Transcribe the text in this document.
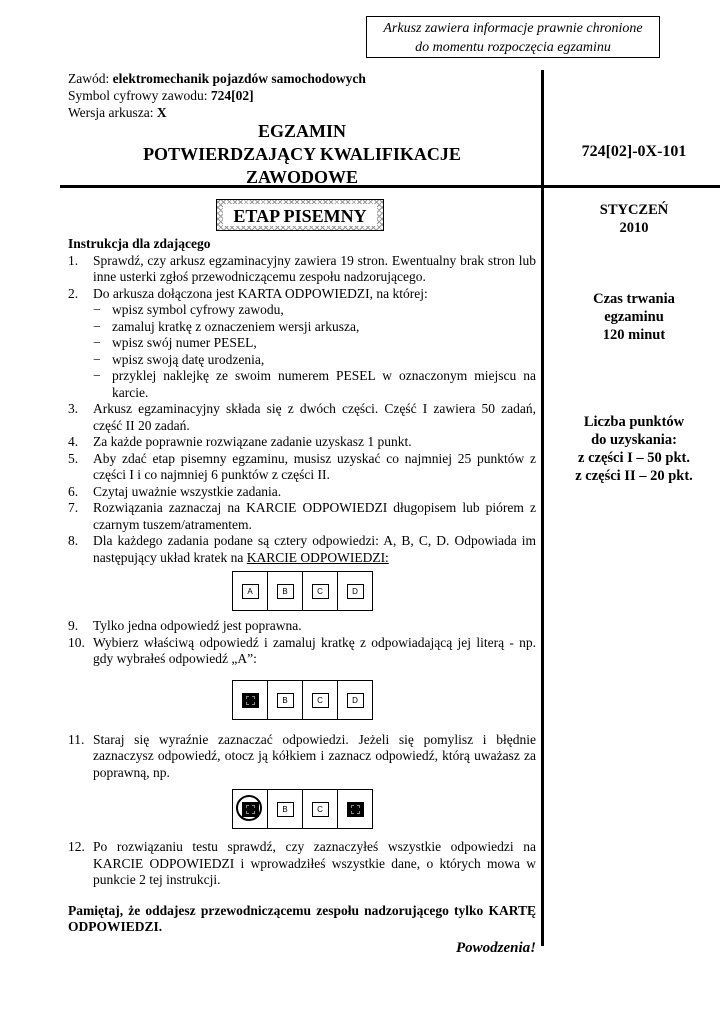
Arkusz zawiera informacje prawnie chronione
do momentu rozpoczęcia egzaminu
Zawód: elektromechanik pojazdów samochodowych
Symbol cyfrowy zawodu: 724[02]
Wersja arkusza: X
EGZAMIN
POTWIERDZAJĄCY KWALIFIKACJE
ZAWODOWE
724[02]-0X-101
ETAP PISEMNY	STYCZEŃ
2010
Czas trwania
egzaminu
120 minut
Liczba punktów
do uzyskania:
z części I – 50 pkt.
z części II – 20 pkt.
Instrukcja dla zdającego
1.	Sprawdź, czy arkusz egzaminacyjny zawiera 19 stron. Ewentualny brak stron lub inne usterki zgłoś przewodniczącemu zespołu nadzorującego.
2.	Do arkusza dołączona jest KARTA ODPOWIEDZI, na której:
− wpisz symbol cyfrowy zawodu,
− zamaluj kratkę z oznaczeniem wersji arkusza,
− wpisz swój numer PESEL,
− wpisz swoją datę urodzenia,
− przyklej naklejkę ze swoim numerem PESEL w oznaczonym miejscu na karcie.
3.	Arkusz egzaminacyjny składa się z dwóch części. Część I zawiera 50 zadań, część II 20 zadań.
4.	Za każde poprawnie rozwiązane zadanie uzyskasz 1 punkt.
5.	Aby zdać etap pisemny egzaminu, musisz uzyskać co najmniej 25 punktów z części I i co najmniej 6 punktów z części II.
6.	Czytaj uważnie wszystkie zadania.
7.	Rozwiązania zaznaczaj na KARCIE ODPOWIEDZI długopisem lub piórem z czarnym tuszem/atramentem.
8.	Dla każdego zadania podane są cztery odpowiedzi: A, B, C, D. Odpowiada im następujący układ kratek na KARCIE ODPOWIEDZI:
A	B	C	D
9.	Tylko jedna odpowiedź jest poprawna.
10. Wybierz właściwą odpowiedź i zamaluj kratkę z odpowiadającą jej literą - np. gdy wybrałeś odpowiedź „A”:
B	C	D
11. Staraj się wyraźnie zaznaczać odpowiedzi. Jeżeli się pomylisz i błędnie zaznaczysz odpowiedź, otocz ją kółkiem i zaznacz odpowiedź, którą uważasz za poprawną, np.
B	C
12. Po rozwiązaniu testu sprawdź, czy zaznaczyłeś wszystkie odpowiedzi na KARCIE ODPOWIEDZI i wprowadziłeś wszystkie dane, o których mowa w punkcie 2 tej instrukcji.
Pamiętaj, że oddajesz przewodniczącemu zespołu nadzorującego tylko KARTĘ ODPOWIEDZI.
Powodzenia!
